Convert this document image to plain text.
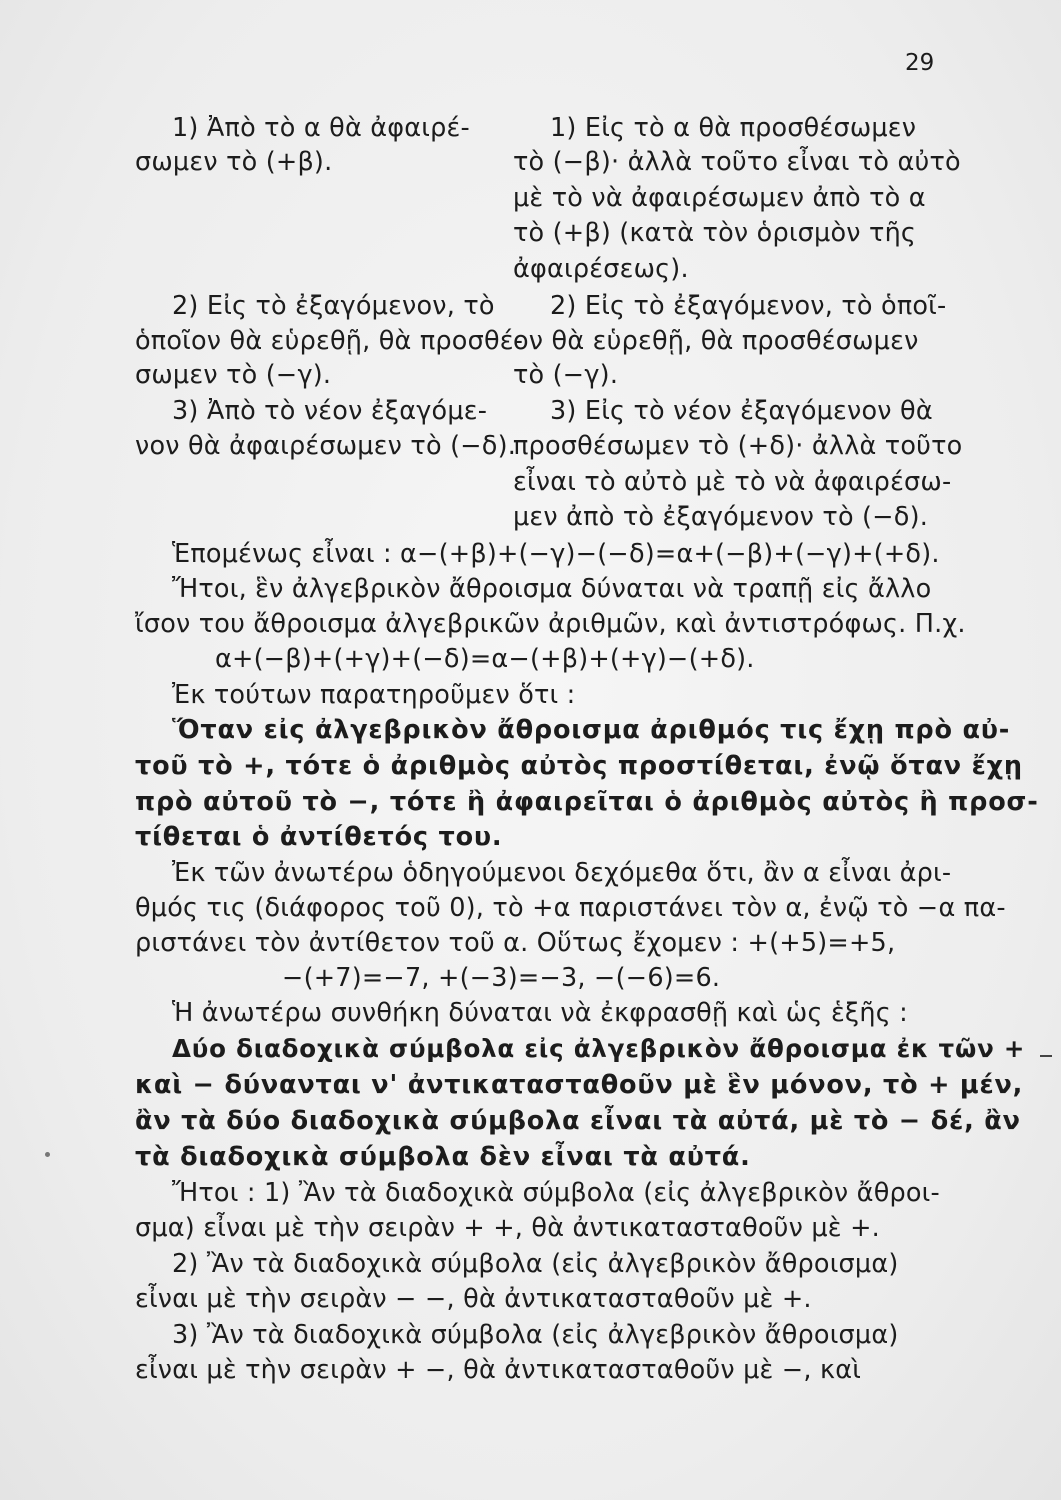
29
1) Ἀπὸ τὸ α θὰ ἀφαιρέ-
σωμεν τὸ (+β).
2) Εἰς τὸ ἐξαγόμενον, τὸ
ὁποῖον θὰ εὑρεθῇ, θὰ προσθέ-
σωμεν τὸ (−γ).
3) Ἀπὸ τὸ νέον ἐξαγόμε-
νον θὰ ἀφαιρέσωμεν τὸ (−δ).
1) Εἰς τὸ α θὰ προσθέσωμεν
τὸ (−β)· ἀλλὰ τοῦτο εἶναι τὸ αὐτὸ
μὲ τὸ νὰ ἀφαιρέσωμεν ἀπὸ τὸ α
τὸ (+β) (κατὰ τὸν ὁρισμὸν τῆς
ἀφαιρέσεως).
2) Εἰς τὸ ἐξαγόμενον, τὸ ὁποῖ-
ον θὰ εὑρεθῇ, θὰ προσθέσωμεν
τὸ (−γ).
3) Εἰς τὸ νέον ἐξαγόμενον θὰ
προσθέσωμεν τὸ (+δ)· ἀλλὰ τοῦτο
εἶναι τὸ αὐτὸ μὲ τὸ νὰ ἀφαιρέσω-
μεν ἀπὸ τὸ ἐξαγόμενον τὸ (−δ).
Ἑπομένως εἶναι : α−(+β)+(−γ)−(−δ)=α+(−β)+(−γ)+(+δ).
Ἤτοι, ἓν ἀλγεβρικὸν ἄθροισμα δύναται νὰ τραπῇ εἰς ἄλλο
ἴσον του ἄθροισμα ἀλγεβρικῶν ἀριθμῶν, καὶ ἀντιστρόφως. Π.χ.
α+(−β)+(+γ)+(−δ)=α−(+β)+(+γ)−(+δ).
Ἐκ τούτων παρατηροῦμεν ὅτι :
Ὅταν εἰς ἀλγεβρικὸν ἄθροισμα ἀριθμός τις ἔχῃ πρὸ αὐ-
τοῦ τὸ +, τότε ὁ ἀριθμὸς αὐτὸς προστίθεται, ἐνῷ ὅταν ἔχῃ
πρὸ αὐτοῦ τὸ −, τότε ἢ ἀφαιρεῖται ὁ ἀριθμὸς αὐτὸς ἢ προσ-
τίθεται ὁ ἀντίθετός του.
Ἐκ τῶν ἀνωτέρω ὁδηγούμενοι δεχόμεθα ὅτι, ἂν α εἶναι ἀρι-
θμός τις (διάφορος τοῦ 0), τὸ +α παριστάνει τὸν α, ἐνῷ τὸ −α πα-
ριστάνει τὸν ἀντίθετον τοῦ α. Οὕτως ἔχομεν : +(+5)=+5,
−(+7)=−7, +(−3)=−3, −(−6)=6.
Ἡ ἀνωτέρω συνθήκη δύναται νὰ ἐκφρασθῇ καὶ ὡς ἑξῆς :
Δύο διαδοχικὰ σύμβολα εἰς ἀλγεβρικὸν ἄθροισμα ἐκ τῶν +
καὶ − δύνανται ν' ἀντικατασταθοῦν μὲ ἓν μόνον, τὸ + μέν,
ἂν τὰ δύο διαδοχικὰ σύμβολα εἶναι τὰ αὐτά, μὲ τὸ − δέ, ἂν
τὰ διαδοχικὰ σύμβολα δὲν εἶναι τὰ αὐτά.
Ἤτοι : 1) Ἂν τὰ διαδοχικὰ σύμβολα (εἰς ἀλγεβρικὸν ἄθροι-
σμα) εἶναι μὲ τὴν σειρὰν + +, θὰ ἀντικατασταθοῦν μὲ +.
2) Ἂν τὰ διαδοχικὰ σύμβολα (εἰς ἀλγεβρικὸν ἄθροισμα)
εἶναι μὲ τὴν σειρὰν − −, θὰ ἀντικατασταθοῦν μὲ +.
3) Ἂν τὰ διαδοχικὰ σύμβολα (εἰς ἀλγεβρικὸν ἄθροισμα)
εἶναι μὲ τὴν σειρὰν + −, θὰ ἀντικατασταθοῦν μὲ −, καὶ
